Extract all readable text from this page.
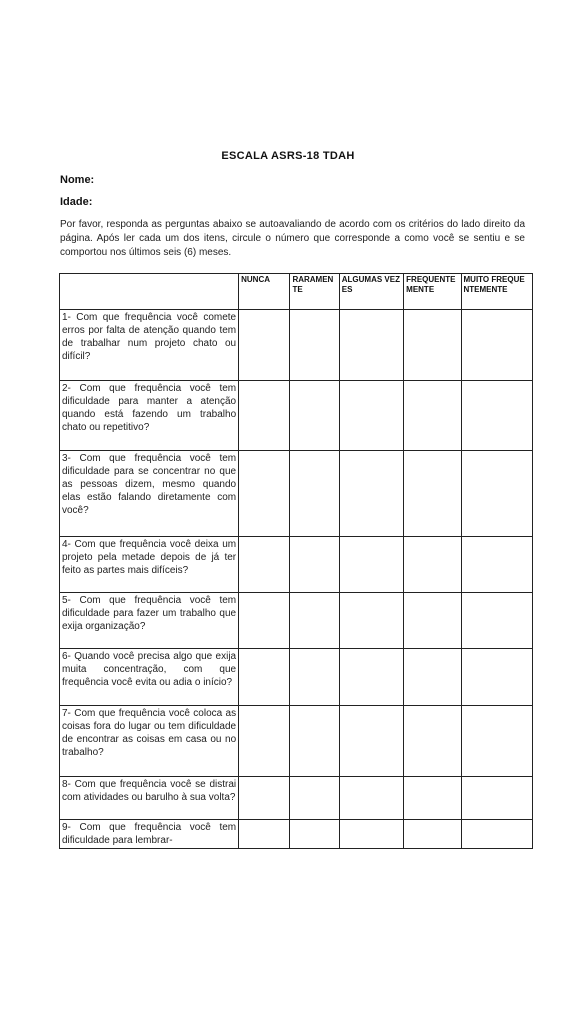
ESCALA ASRS-18 TDAH
Nome:
Idade:
Por favor, responda as perguntas abaixo se autoavaliando de acordo com os critérios do lado direito da página. Após ler cada um dos itens, circule o número que corresponde a como você se sentiu e se comportou nos últimos seis (6) meses.
	NUNCA	RARAMENTE	ALGUMAS VEZES	FREQUENTEMENTE	MUITO FREQUENTEMENTE
1- Com que frequência você comete erros por falta de atenção quando tem de trabalhar num projeto chato ou difícil?					
2- Com que frequência você tem dificuldade para manter a atenção quando está fazendo um trabalho chato ou repetitivo?					
3- Com que frequência você tem dificuldade para se concentrar no que as pessoas dizem, mesmo quando elas estão falando diretamente com você?					
4- Com que frequência você deixa um projeto pela metade depois de já ter feito as partes mais difíceis?					
5- Com que frequência você tem dificuldade para fazer um trabalho que exija organização?					
6- Quando você precisa algo que exija muita concentração, com que frequência você evita ou adia o início?					
7- Com que frequência você coloca as coisas fora do lugar ou tem dificuldade de encontrar as coisas em casa ou no trabalho?					
8- Com que frequência você se distrai com atividades ou barulho à sua volta?					
9- Com que frequência você tem dificuldade para lembrar-					
